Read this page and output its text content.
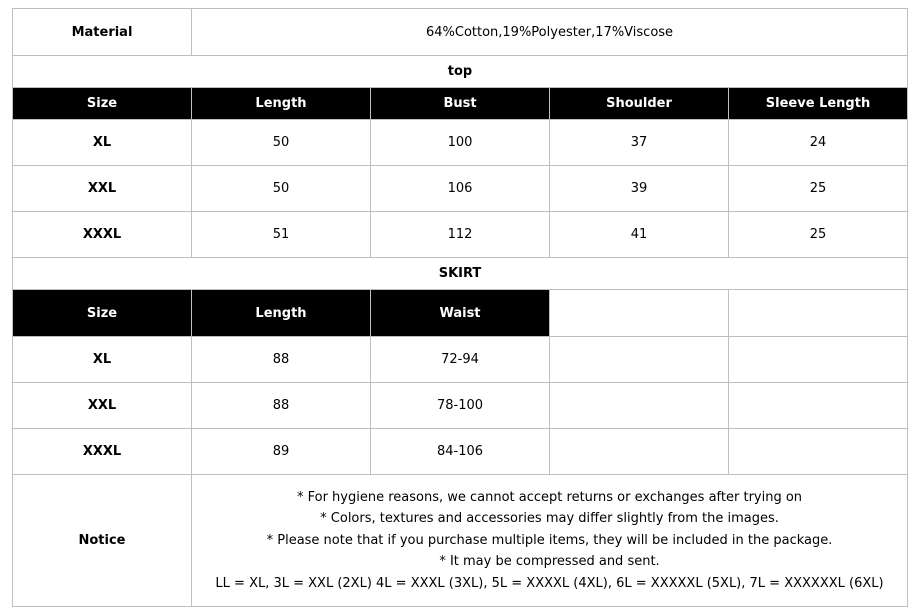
Material	64%Cotton,19%Polyester,17%Viscose			
top				
Size	Length	Bust	Shoulder	Sleeve Length
XL	50	100	37	24
XXL	50	106	39	25
XXXL	51	112	41	25
SKIRT				
Size	Length	Waist		
XL	88	72-94		
XXL	88	78-100		
XXXL	89	84-106		
Notice	* For hygiene reasons, we cannot accept returns or exchanges after trying on
* Colors, textures and accessories may differ slightly from the images.
* Please note that if you purchase multiple items, they will be included in the package.
* It may be compressed and sent.
LL = XL, 3L = XXL (2XL) 4L = XXXL (3XL), 5L = XXXXL (4XL), 6L = XXXXXL (5XL), 7L = XXXXXXL (6XL)			
